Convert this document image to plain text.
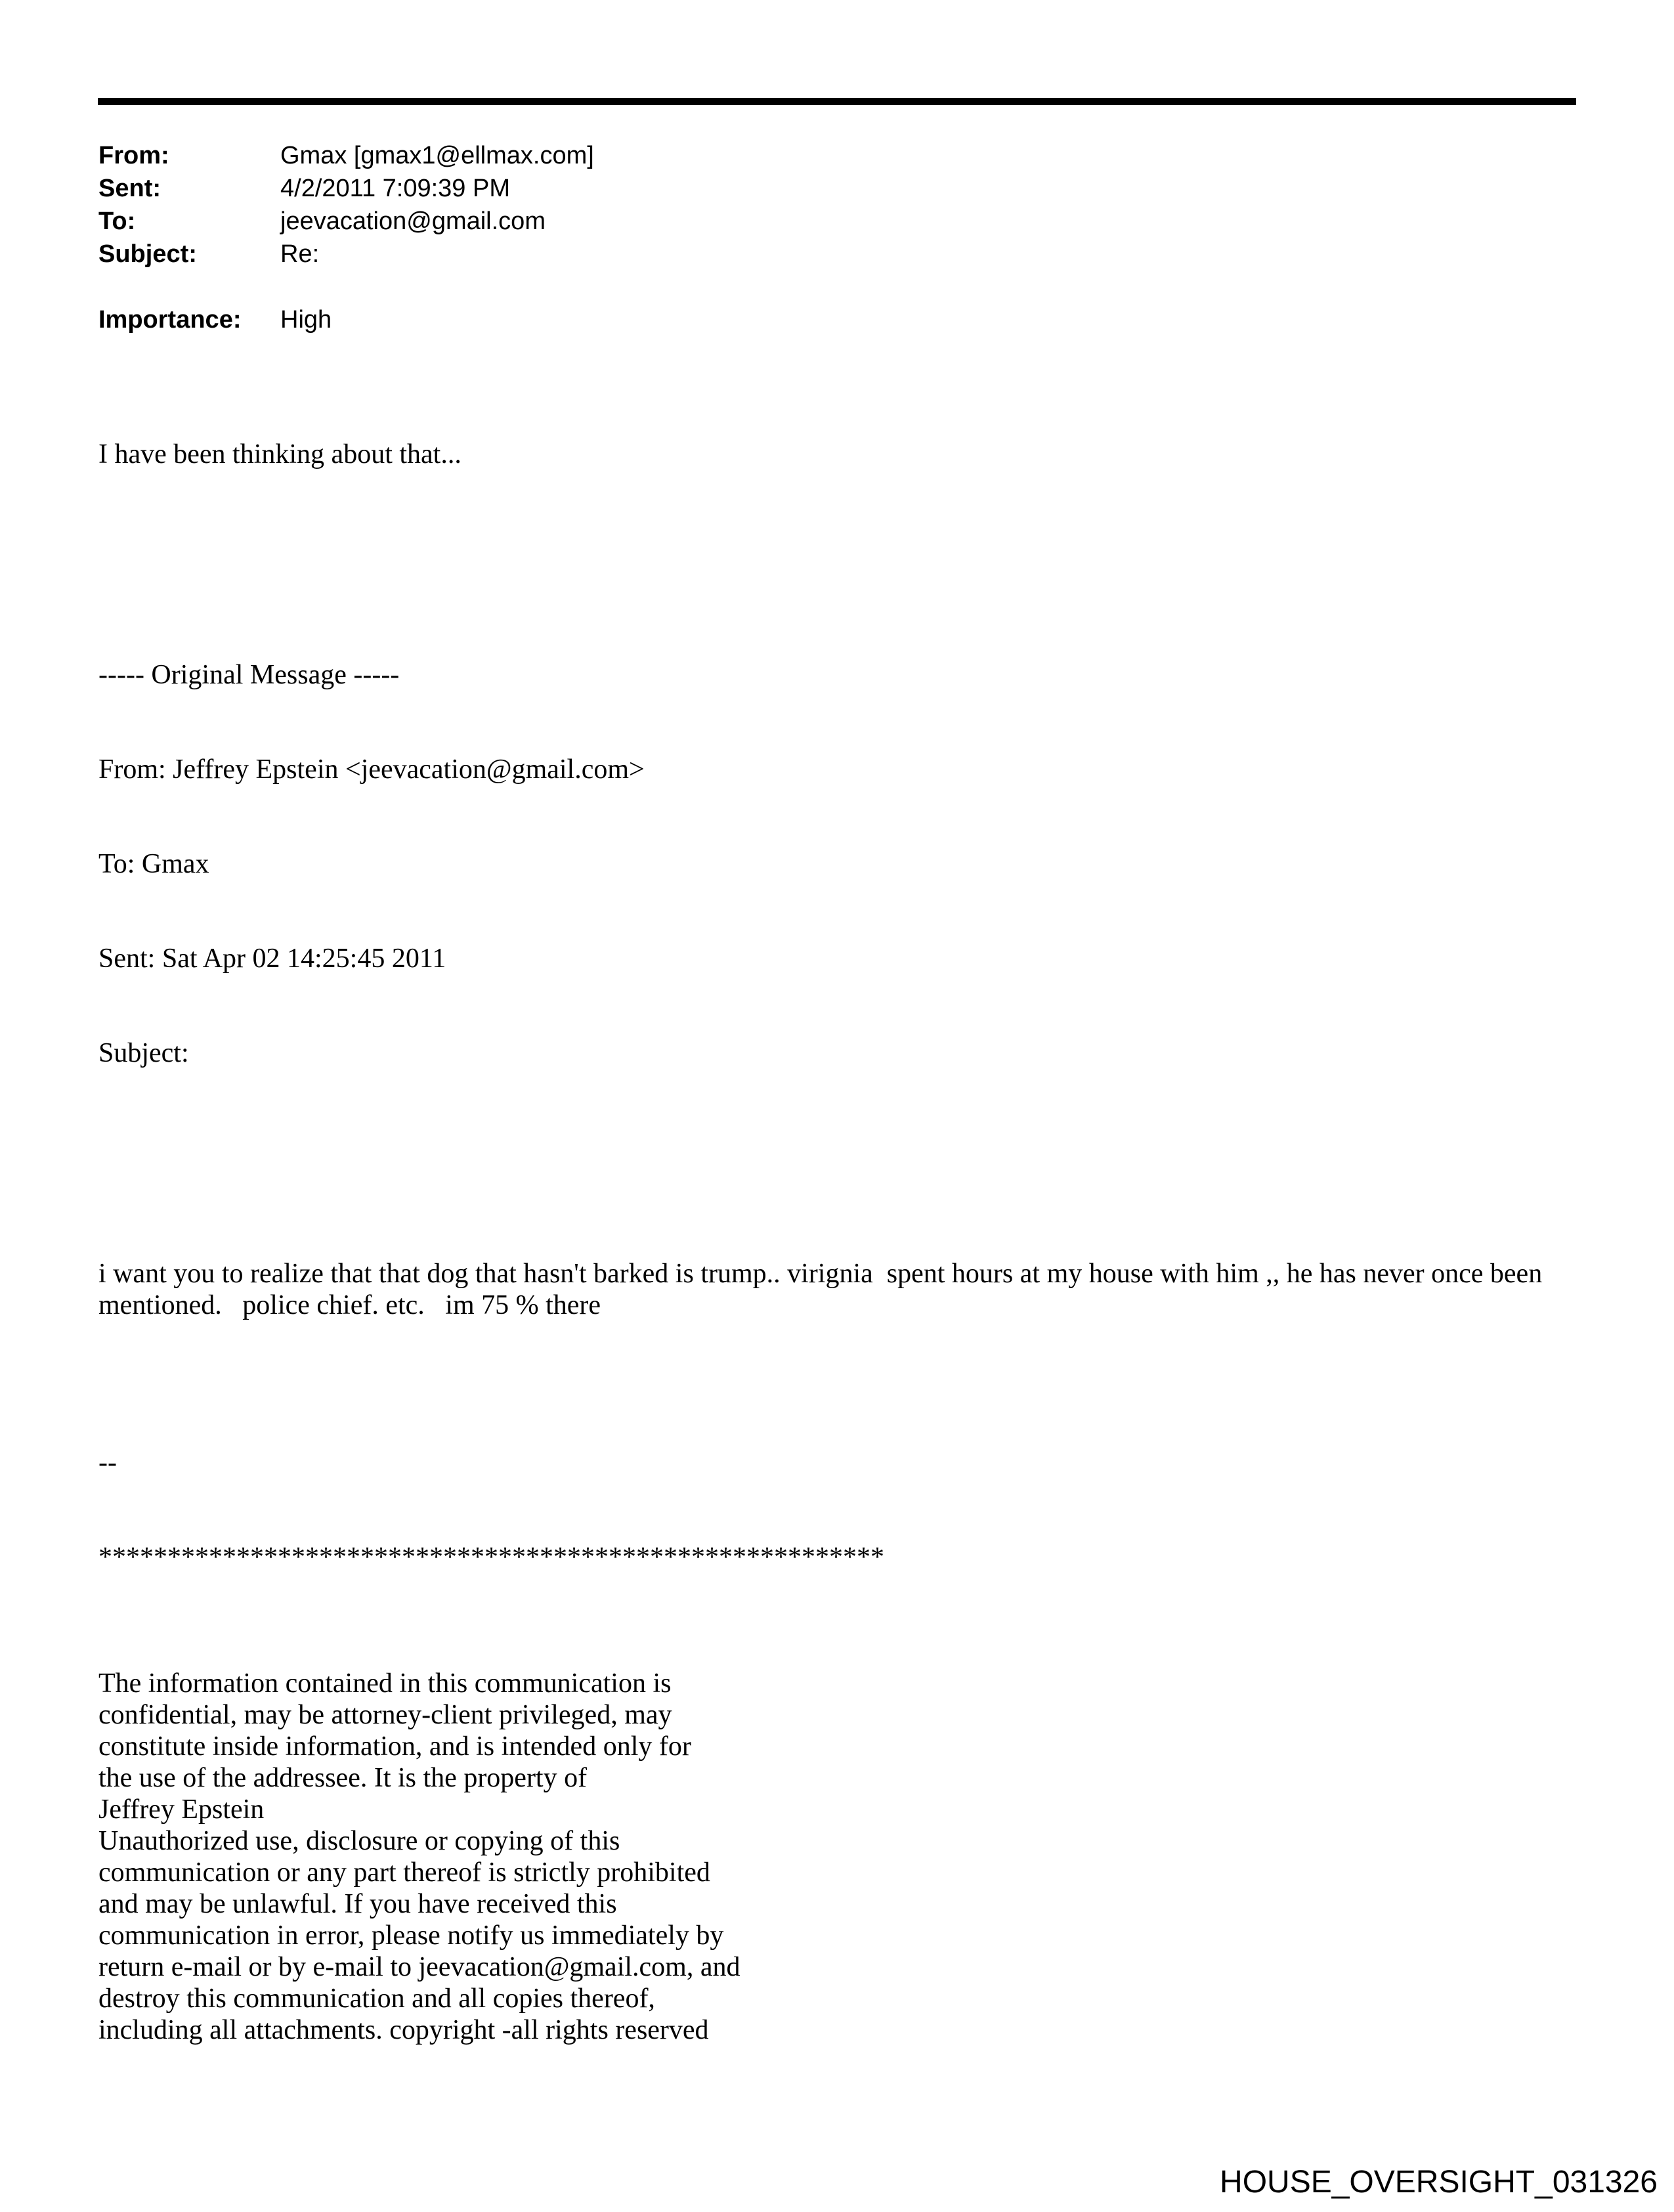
From:	Gmax [gmax1@ellmax.com]
Sent:	4/2/2011 7:09:39 PM
To:	jeevacation@gmail.com
Subject:	Re:
Importance:	High

I have been thinking about that...

----- Original Message -----

From: Jeffrey Epstein <jeevacation@gmail.com>

To: Gmax

Sent: Sat Apr 02 14:25:45 2011

Subject:

i want you to realize that that dog that hasn't barked is trump.. virignia  spent hours at my house with him ,, he has never once been
mentioned.   police chief. etc.   im 75 % there

--

*********************************************************

The information contained in this communication is
confidential, may be attorney-client privileged, may
constitute inside information, and is intended only for
the use of the addressee. It is the property of
Jeffrey Epstein
Unauthorized use, disclosure or copying of this
communication or any part thereof is strictly prohibited
and may be unlawful. If you have received this
communication in error, please notify us immediately by
return e-mail or by e-mail to jeevacation@gmail.com, and
destroy this communication and all copies thereof,
including all attachments. copyright -all rights reserved

HOUSE_OVERSIGHT_031326
